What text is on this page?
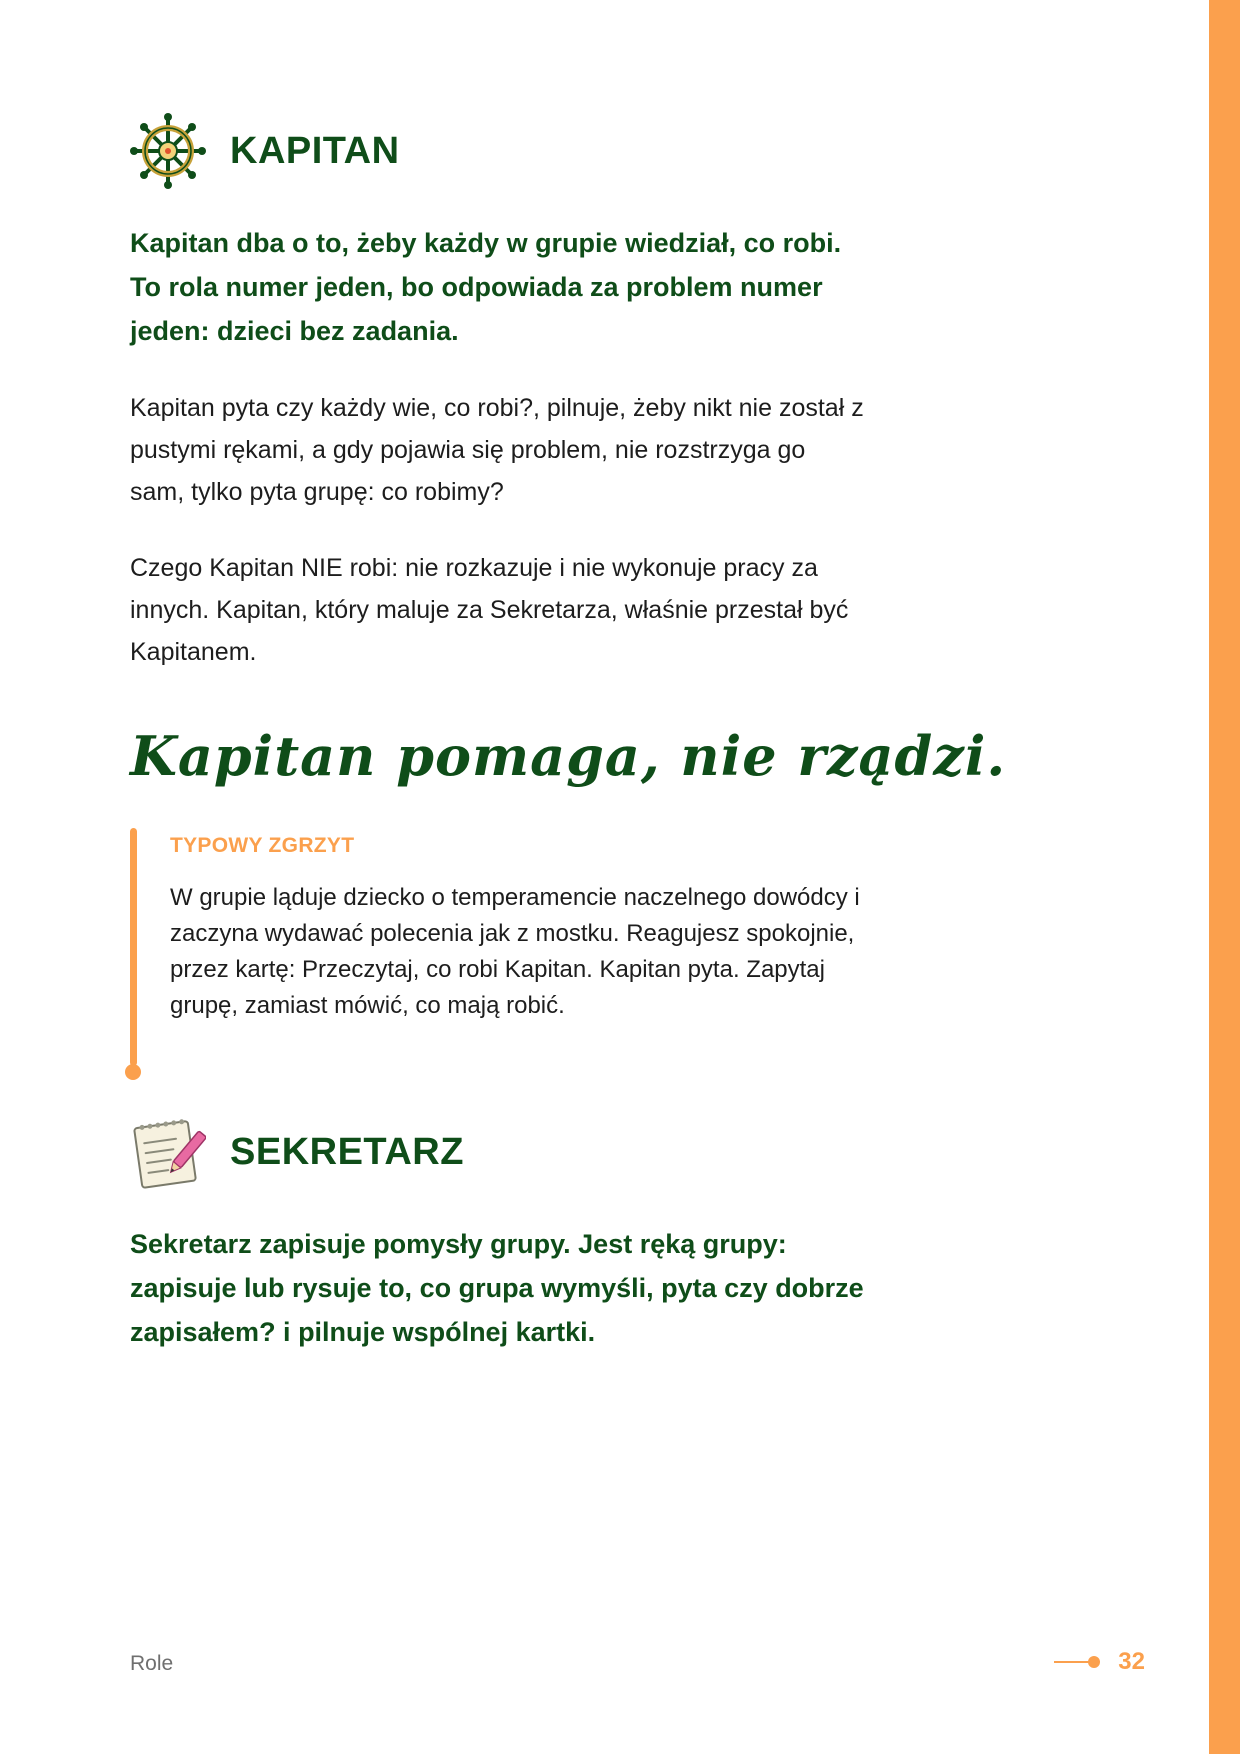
KAPITAN

Kapitan dba o to, żeby każdy w grupie wiedział, co robi. To rola numer jeden, bo odpowiada za problem numer jeden: dzieci bez zadania.

Kapitan pyta czy każdy wie, co robi?, pilnuje, żeby nikt nie został z pustymi rękami, a gdy pojawia się problem, nie rozstrzyga go sam, tylko pyta grupę: co robimy?

Czego Kapitan NIE robi: nie rozkazuje i nie wykonuje pracy za innych. Kapitan, który maluje za Sekretarza, właśnie przestał być Kapitanem.

Kapitan pomaga, nie rządzi.

TYPOWY ZGRZYT

W grupie ląduje dziecko o temperamencie naczelnego dowódcy i zaczyna wydawać polecenia jak z mostku. Reagujesz spokojnie, przez kartę: Przeczytaj, co robi Kapitan. Kapitan pyta. Zapytaj grupę, zamiast mówić, co mają robić.

SEKRETARZ

Sekretarz zapisuje pomysły grupy. Jest ręką grupy: zapisuje lub rysuje to, co grupa wymyśli, pyta czy dobrze zapisałem? i pilnuje wspólnej kartki.

Role	32
